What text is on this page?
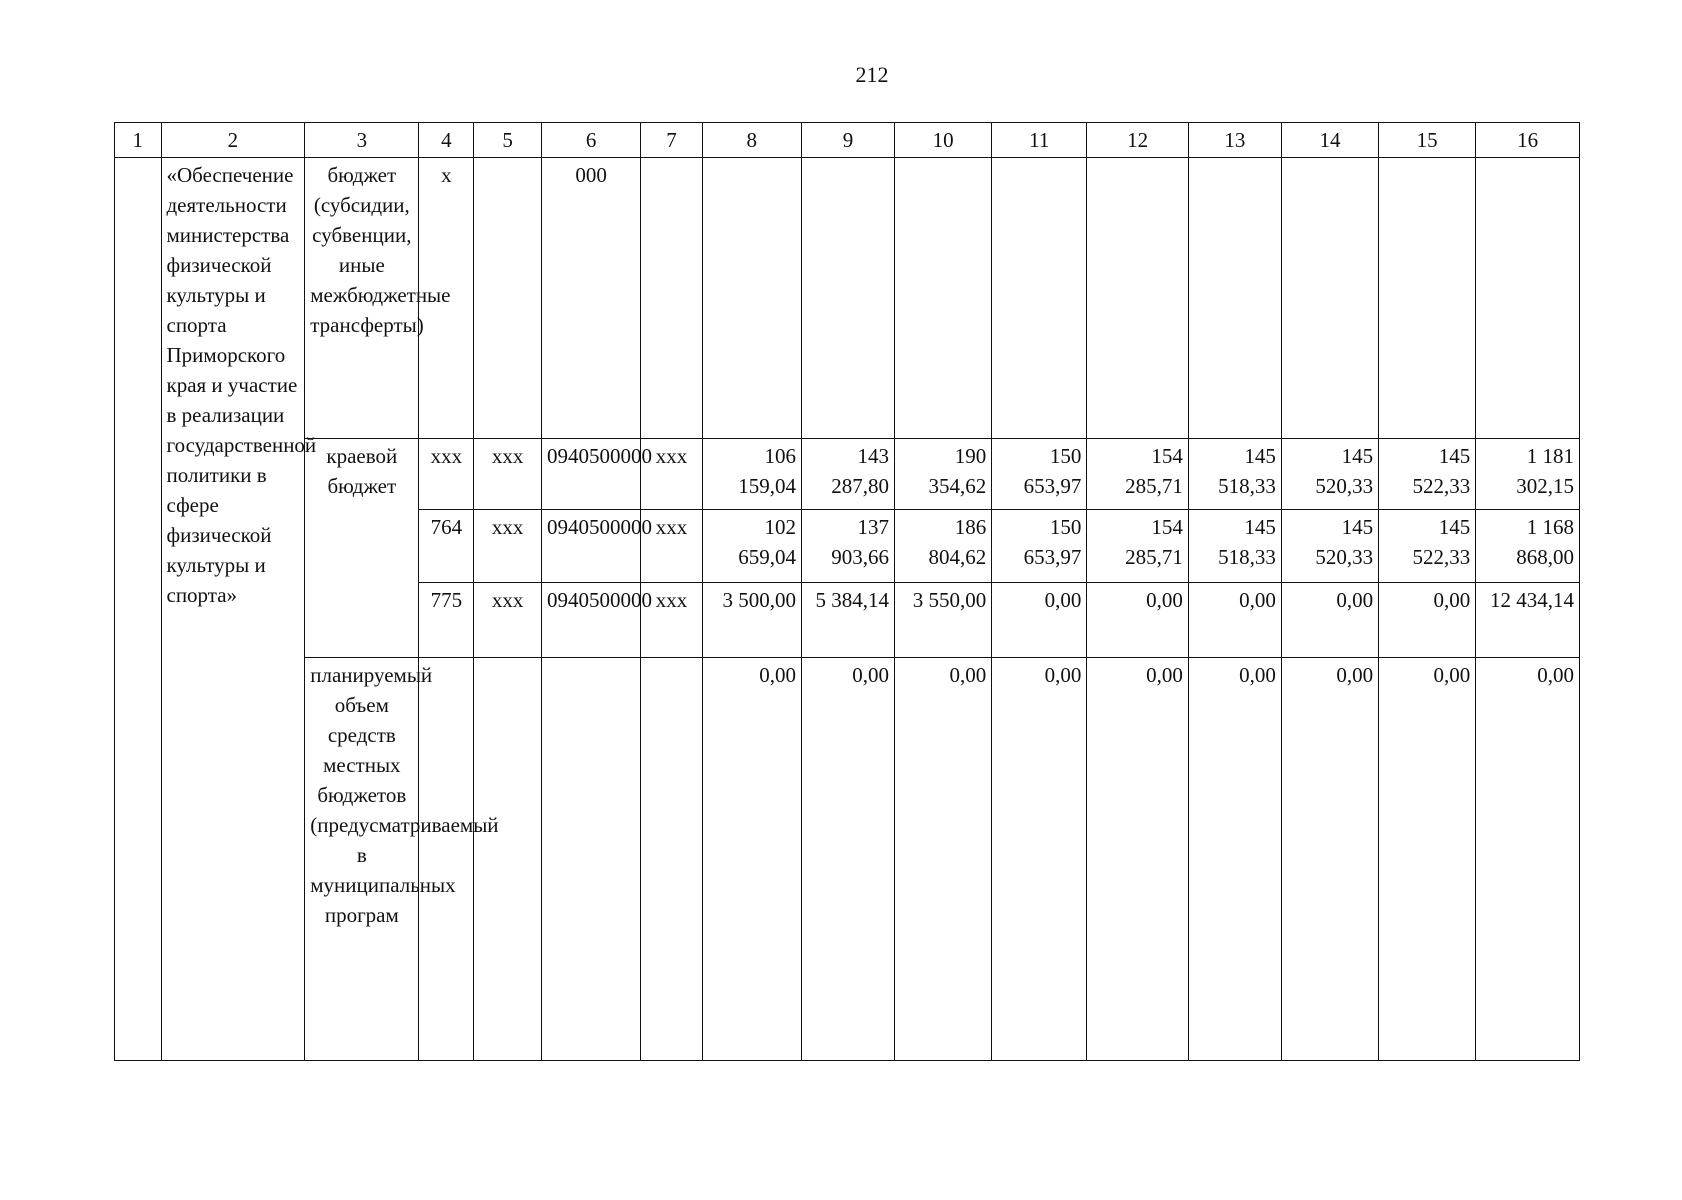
212
1	2	3	4	5	6	7	8	9	10	11	12	13	14	15	16

	«Обеспечение деятельности министерства физической культуры и спорта Приморского края и участие в реализации государственной политики в сфере физической культуры и спорта»	бюджет (субсидии, субвенции, иные межбюджетные трансферты)	х		000										

		краевой бюджет	ххх	ххх	0940500000	ххх	106 159,04	143 287,80	190 354,62	150 653,97	154 285,71	145 518,33	145 520,33	145 522,33	1 181 302,15
			764	ххх	0940500000	ххх	102 659,04	137 903,66	186 804,62	150 653,97	154 285,71	145 518,33	145 520,33	145 522,33	1 168 868,00
			775	ххх	0940500000	ххх	3 500,00	5 384,14	3 550,00	0,00	0,00	0,00	0,00	0,00	12 434,14

		планируемый объем средств местных бюджетов (предусматриваемый в муниципальных програм					0,00	0,00	0,00	0,00	0,00	0,00	0,00	0,00	0,00
